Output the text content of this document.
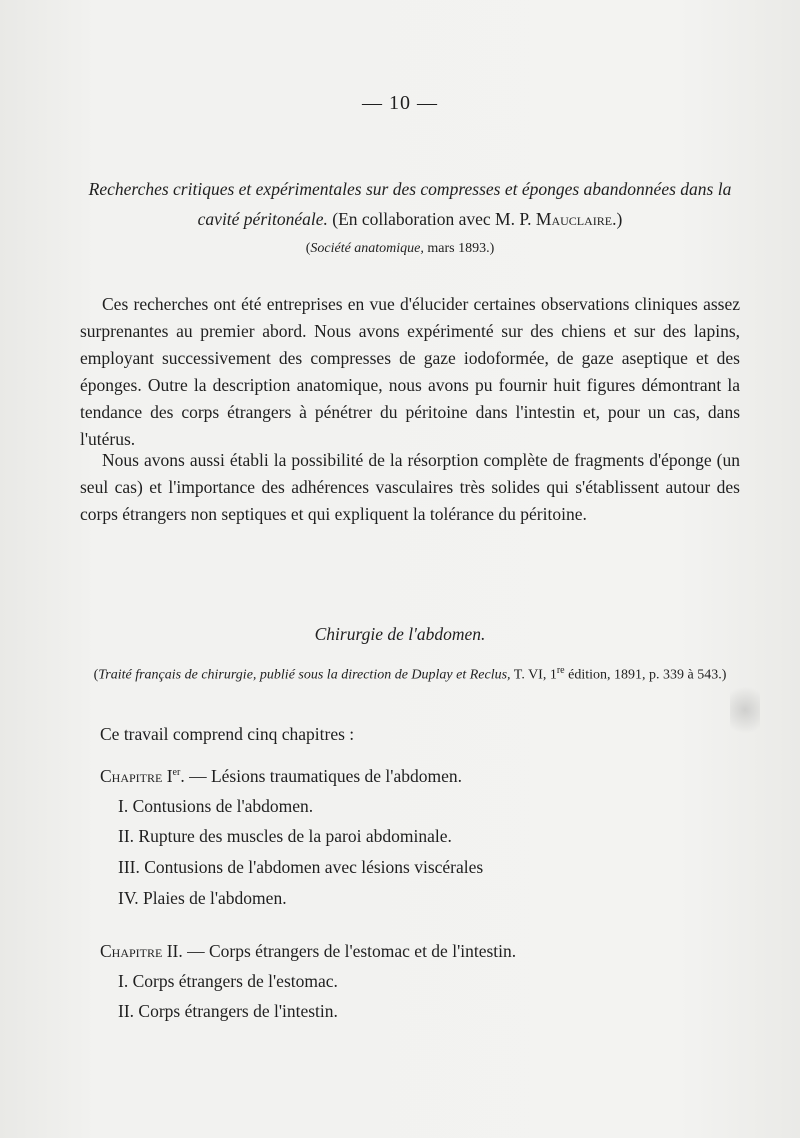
— 10 —
Recherches critiques et expérimentales sur des compresses et éponges abandonnées dans la cavité péritonéale. (En collaboration avec M. P. Mauclaire.)
(Société anatomique, mars 1893.)
Ces recherches ont été entreprises en vue d'élucider certaines observations cliniques assez surprenantes au premier abord. Nous avons expérimenté sur des chiens et sur des lapins, employant successivement des compresses de gaze iodoformée, de gaze aseptique et des éponges. Outre la description anatomique, nous avons pu fournir huit figures démontrant la tendance des corps étrangers à pénétrer du péritoine dans l'intestin et, pour un cas, dans l'utérus.
Nous avons aussi établi la possibilité de la résorption complète de fragments d'éponge (un seul cas) et l'importance des adhérences vasculaires très solides qui s'établissent autour des corps étrangers non septiques et qui expliquent la tolérance du péritoine.
Chirurgie de l'abdomen.
(Traité français de chirurgie, publié sous la direction de Duplay et Reclus, T. VI, 1re édition, 1891, p. 339 à 543.)
Ce travail comprend cinq chapitres :
Chapitre Ier. — Lésions traumatiques de l'abdomen.
I. Contusions de l'abdomen.
II. Rupture des muscles de la paroi abdominale.
III. Contusions de l'abdomen avec lésions viscérales
IV. Plaies de l'abdomen.
Chapitre II. — Corps étrangers de l'estomac et de l'intestin.
I. Corps étrangers de l'estomac.
II. Corps étrangers de l'intestin.
